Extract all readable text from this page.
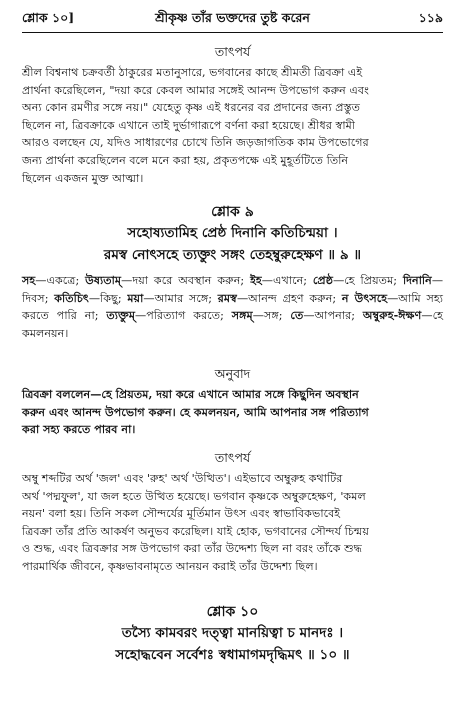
শ্লোক ১০]	শ্রীকৃষ্ণ তাঁর ভক্তদের তুষ্ট করেন	১১৯
তাৎপর্য
শ্রীল বিশ্বনাথ চক্রবর্তী ঠাকুরের মতানুসারে, ভগবানের কাছে শ্রীমতী ত্রিবক্রা এই
প্রার্থনা করেছিলেন, "দয়া করে কেবল আমার সঙ্গেই আনন্দ উপভোগ করুন এবং
অন্য কোন রমণীর সঙ্গে নয়।" যেহেতু কৃষ্ণ এই ধরনের বর প্রদানের জন্য প্রস্তুত
ছিলেন না, ত্রিবক্রাকে এখানে তাই দুর্ভাগারূপে বর্ণনা করা হয়েছে। শ্রীধর স্বামী
আরও বলছেন যে, যদিও সাধারণের চোখে তিনি জড়জাগতিক কাম উপভোগের
জন্য প্রার্থনা করেছিলেন বলে মনে করা হয়, প্রকৃতপক্ষে এই মুহূর্তটিতে তিনি
ছিলেন একজন মুক্ত আত্মা।
শ্লোক ৯
সহোষ্যতামিহ প্রেষ্ঠ দিনানি কতিচিন্ময়া ।
রমস্ব নোৎসহে ত্যক্তুং সঙ্গং তেহম্বুরুহেক্ষণ ॥ ৯ ॥
সহ—একত্রে; উষ্যতাম্—দয়া করে অবস্থান করুন; ইহ—এখানে; প্রেষ্ঠ—হে প্রিয়তম; দিনানি—দিবস; কতিচিৎ—কিছু; ময়া—আমার সঙ্গে; রমস্ব—আনন্দ গ্রহণ করুন; ন উৎসহে—আমি সহ্য করতে পারি না; ত্যক্তুম্—পরিত্যাগ করতে; সঙ্গম্—সঙ্গ; তে—আপনার; অম্বুরুহ-ঈক্ষণ—হে কমলনয়ন।
অনুবাদ
ত্রিবক্রা বললেন—হে প্রিয়তম, দয়া করে এখানে আমার সঙ্গে কিছুদিন অবস্থান
করুন এবং আনন্দ উপভোগ করুন। হে কমলনয়ন, আমি আপনার সঙ্গ পরিত্যাগ
করা সহ্য করতে পারব না।
তাৎপর্য
অম্বু শব্দটির অর্থ 'জল' এবং 'রুহ' অর্থ 'উত্থিত'। এইভাবে অম্বুরুহ কথাটির
অর্থ 'পদ্মফুল', যা জল হতে উত্থিত হয়েছে। ভগবান কৃষ্ণকে অম্বুরুহেক্ষণ, 'কমল
নয়ন' বলা হয়। তিনি সকল সৌন্দর্যের মূর্তিমান উৎস এবং স্বাভাবিকভাবেই
ত্রিবক্রা তাঁর প্রতি আকর্ষণ অনুভব করেছিল। যাই হোক, ভগবানের সৌন্দর্য চিন্ময়
ও শুদ্ধ, এবং ত্রিবক্রার সঙ্গ উপভোগ করা তাঁর উদ্দেশ্য ছিল না বরং তাঁকে শুদ্ধ
পারমার্থিক জীবনে, কৃষ্ণভাবনামৃতে আনয়ন করাই তাঁর উদ্দেশ্য ছিল।
শ্লোক ১০
তস্যৈ কামবরং দত্ত্বা মানয়িত্বা চ মানদঃ ।
সহোদ্ধবেন সর্বেশঃ স্বধামাগমদৃদ্ধিমৎ ॥ ১০ ॥
